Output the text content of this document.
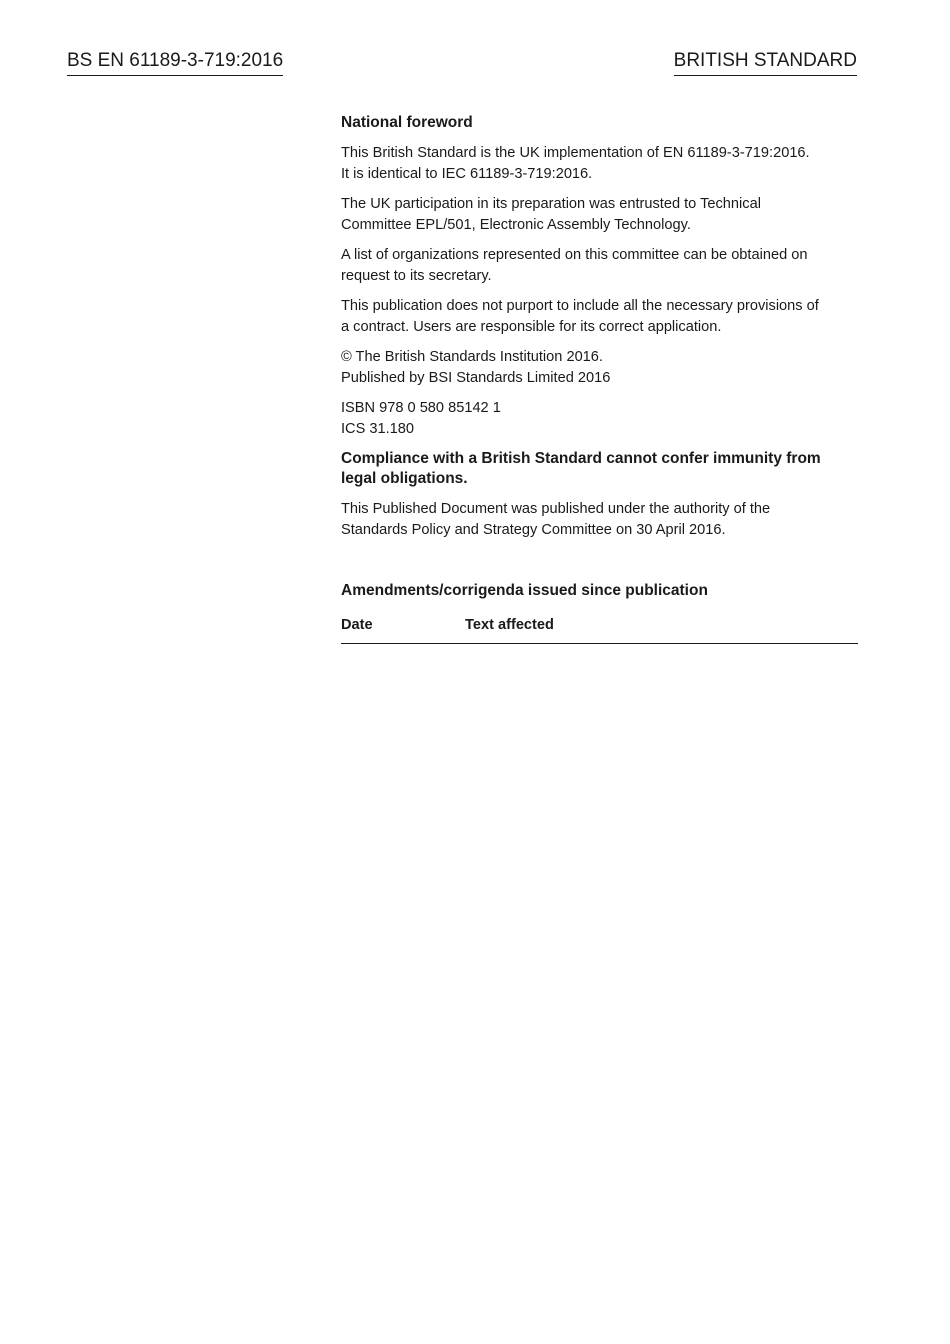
BS EN 61189-3-719:2016	BRITISH STANDARD
National foreword
This British Standard is the UK implementation of EN 61189-3-719:2016.
It is identical to IEC 61189-3-719:2016.
The UK participation in its preparation was entrusted to Technical
Committee EPL/501, Electronic Assembly Technology.
A list of organizations represented on this committee can be obtained on
request to its secretary.
This publication does not purport to include all the necessary provisions of
a contract. Users are responsible for its correct application.
© The British Standards Institution 2016.
Published by BSI Standards Limited 2016
ISBN 978 0 580 85142 1
ICS 31.180
Compliance with a British Standard cannot confer immunity from
legal obligations.
This Published Document was published under the authority of the
Standards Policy and Strategy Committee on 30 April 2016.
Amendments/corrigenda issued since publication
Date	Text affected
